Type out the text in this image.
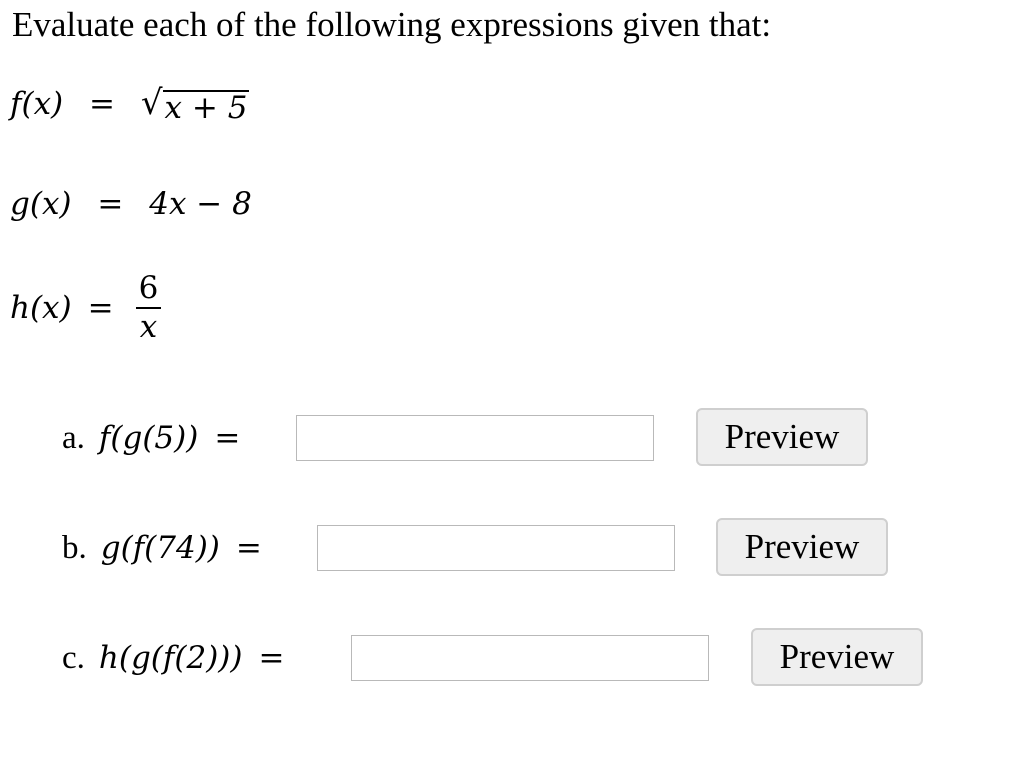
Evaluate each of the following expressions given that:
f(x) = √ x + 5
g(x) = 4x − 8
$h(x) = \frac{6}{x}$
a. f(g(5)) =	Preview
b. g(f(74)) =	Preview
c. h(g(f(2))) =	Preview
